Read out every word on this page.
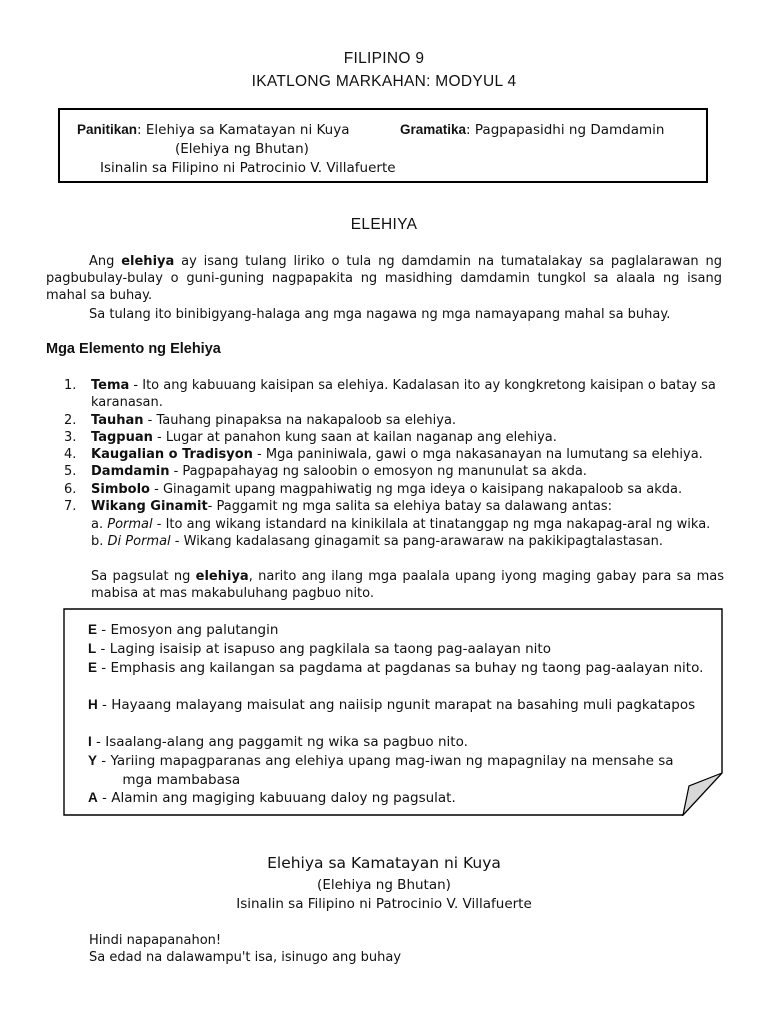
FILIPINO 9
IKATLONG MARKAHAN: MODYUL 4
Panitikan: Elehiya sa Kamatayan ni Kuya	Gramatika: Pagpapasidhi ng Damdamin
(Elehiya ng Bhutan)
Isinalin sa Filipino ni Patrocinio V. Villafuerte
ELEHIYA
Ang elehiya ay isang tulang liriko o tula ng damdamin na tumatalakay sa paglalarawan ng pagbubulay-bulay o guni-guning nagpapakita ng masidhing damdamin tungkol sa alaala ng isang mahal sa buhay.
Sa tulang ito binibigyang-halaga ang mga nagawa ng mga namayapang mahal sa buhay.
Mga Elemento ng Elehiya
1.	Tema - Ito ang kabuuang kaisipan sa elehiya. Kadalasan ito ay kongkretong kaisipan o batay sa karanasan.
2.	Tauhan - Tauhang pinapaksa na nakapaloob sa elehiya.
3.	Tagpuan - Lugar at panahon kung saan at kailan naganap ang elehiya.
4.	Kaugalian o Tradisyon - Mga paniniwala, gawi o mga nakasanayan na lumutang sa elehiya.
5.	Damdamin - Pagpapahayag ng saloobin o emosyon ng manunulat sa akda.
6.	Simbolo - Ginagamit upang magpahiwatig ng mga ideya o kaisipang nakapaloob sa akda.
7.	Wikang Ginamit- Paggamit ng mga salita sa elehiya batay sa dalawang antas:
a. Pormal - Ito ang wikang istandard na kinikilala at tinatanggap ng mga nakapag-aral ng wika.
b. Di Pormal - Wikang kadalasang ginagamit sa pang-arawaraw na pakikipagtalastasan.
Sa pagsulat ng elehiya, narito ang ilang mga paalala upang iyong maging gabay para sa mas mabisa at mas makabuluhang pagbuo nito.
E - Emosyon ang palutangin
L - Laging isaisip at isapuso ang pagkilala sa taong pag-aalayan nito
E - Emphasis ang kailangan sa pagdama at pagdanas sa buhay ng taong pag-aalayan nito.
H - Hayaang malayang maisulat ang naiisip ngunit marapat na basahing muli pagkatapos
I - Isaalang-alang ang paggamit ng wika sa pagbuo nito.
Y - Yariing mapagparanas ang elehiya upang mag-iwan ng mapagnilay na mensahe sa         mga mambabasa
A - Alamin ang magiging kabuuang daloy ng pagsulat.
Elehiya sa Kamatayan ni Kuya
(Elehiya ng Bhutan)
Isinalin sa Filipino ni Patrocinio V. Villafuerte
Hindi napapanahon!
Sa edad na dalawampu't isa, isinugo ang buhay
